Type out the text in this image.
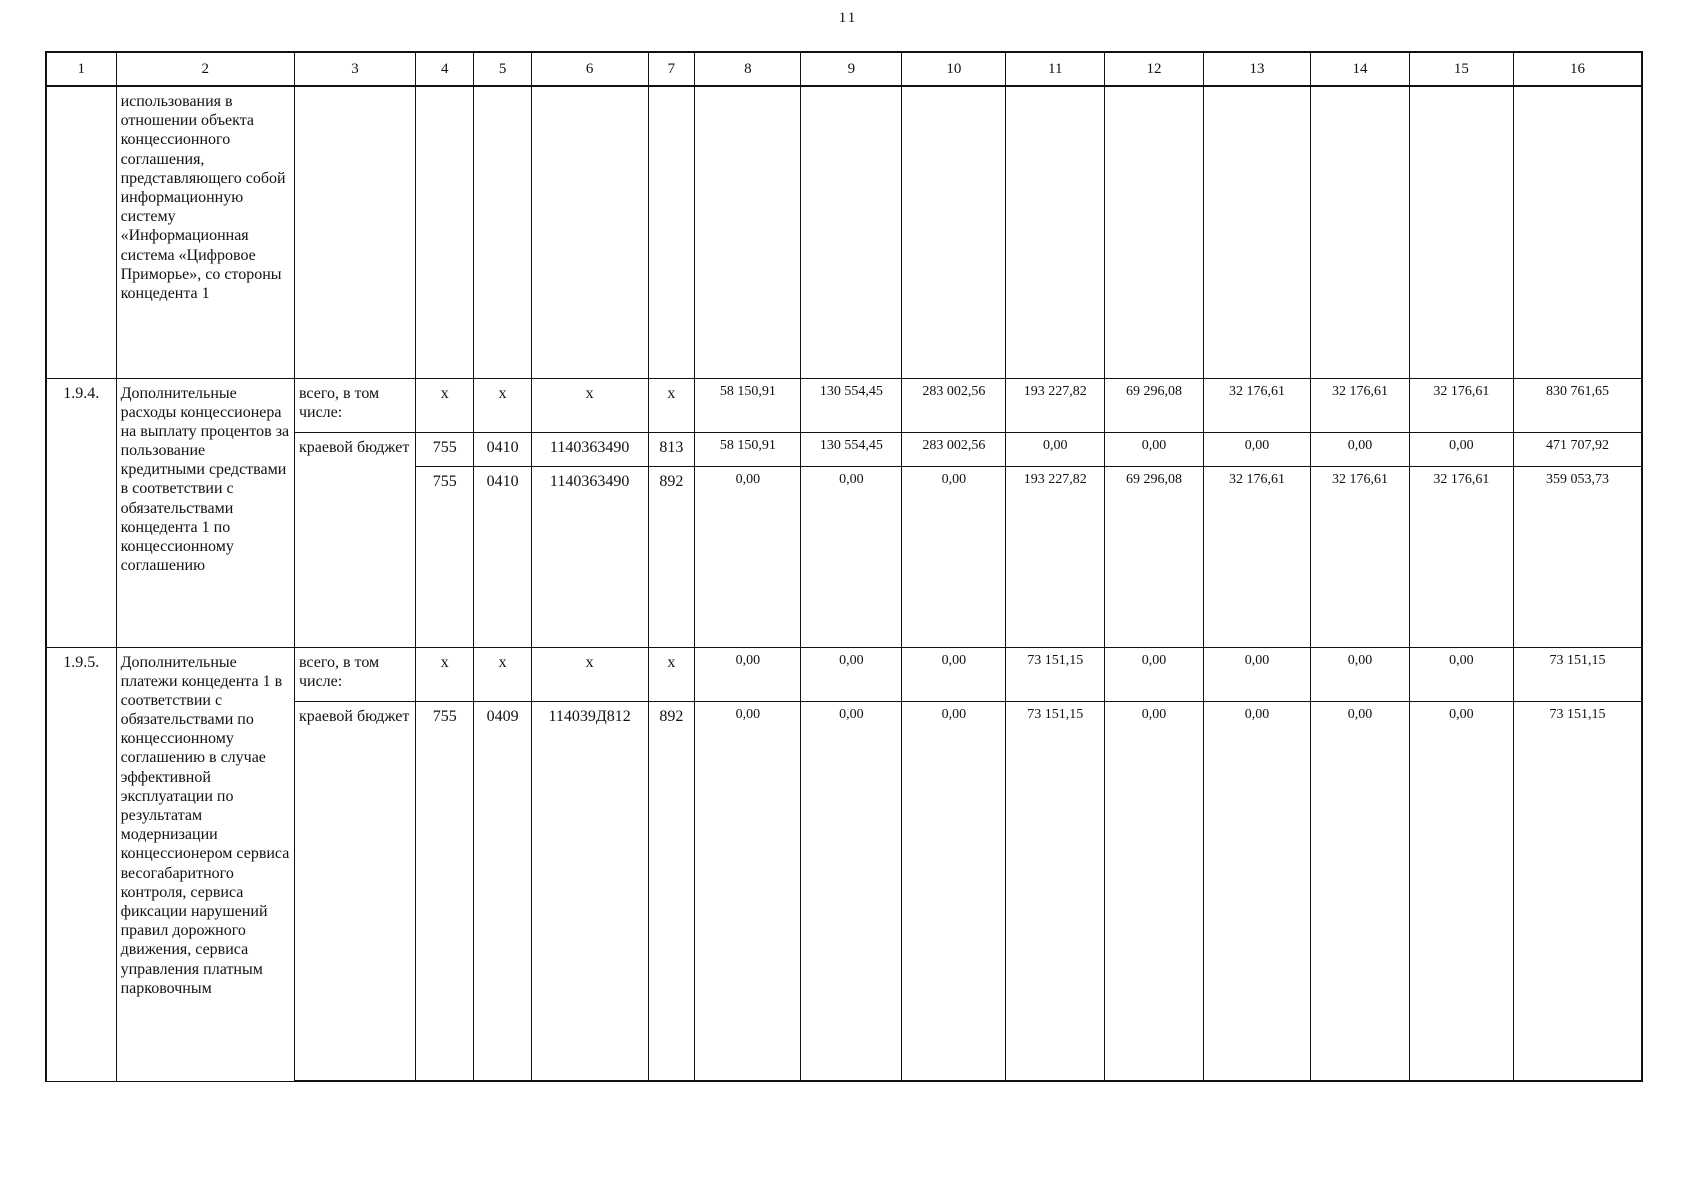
11
1	2	3	4	5	6	7	8	9	10	11	12	13	14	15	16
	использования в отношении объекта концессионного соглашения, представляющего собой информационную систему «Информационная система «Цифровое Приморье», со стороны концедента 1														
1.9.4.	Дополнительные расходы концессионера на выплату процентов за пользование кредитными средствами в соответствии с обязательствами концедента 1 по концессионному соглашению	всего, в том числе:	x	x	x	x	58 150,91	130 554,45	283 002,56	193 227,82	69 296,08	32 176,61	32 176,61	32 176,61	830 761,65
		краевой бюджет	755	0410	1140363490	813	58 150,91	130 554,45	283 002,56	0,00	0,00	0,00	0,00	0,00	471 707,92
			755	0410	1140363490	892	0,00	0,00	0,00	193 227,82	69 296,08	32 176,61	32 176,61	32 176,61	359 053,73
1.9.5.	Дополнительные платежи концедента 1 в соответствии с обязательствами по концессионному соглашению в случае эффективной эксплуатации по результатам модернизации концессионером сервиса весогабаритного контроля, сервиса фиксации нарушений правил дорожного движения, сервиса управления платным парковочным	всего, в том числе:	x	x	x	x	0,00	0,00	0,00	73 151,15	0,00	0,00	0,00	0,00	73 151,15
		краевой бюджет	755	0409	114039Д812	892	0,00	0,00	0,00	73 151,15	0,00	0,00	0,00	0,00	73 151,15
